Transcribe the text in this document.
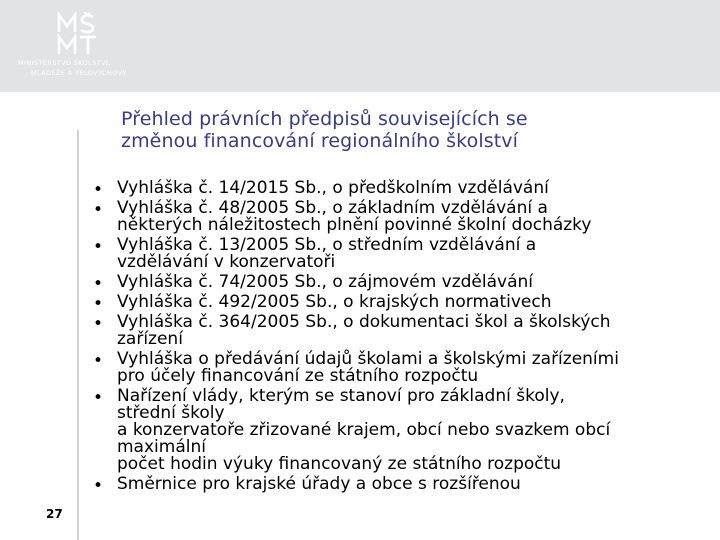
MINISTERSTVO ŠKOLSTVÍ,
MLÁDEŽE A TĚLOVÝCHOVY
Přehled právních předpisů souvisejících se
změnou financování regionálního školství
• Vyhláška č. 14/2015 Sb., o předškolním vzdělávání
• Vyhláška č. 48/2005 Sb., o základním vzdělávání a
některých náležitostech plnění povinné školní docházky
• Vyhláška č. 13/2005 Sb., o středním vzdělávání a
vzdělávání v konzervatoři
• Vyhláška č. 74/2005 Sb., o zájmovém vzdělávání
• Vyhláška č. 492/2005 Sb., o krajských normativech
• Vyhláška č. 364/2005 Sb., o dokumentaci škol a školských
zařízení
• Vyhláška o předávání údajů školami a školskými zařízeními
pro účely financování ze státního rozpočtu
• Nařízení vlády, kterým se stanoví pro základní školy,
střední školy
a konzervatoře zřizované krajem, obcí nebo svazkem obcí
maximální
počet hodin výuky financovaný ze státního rozpočtu
• Směrnice pro krajské úřady a obce s rozšířenou
27
